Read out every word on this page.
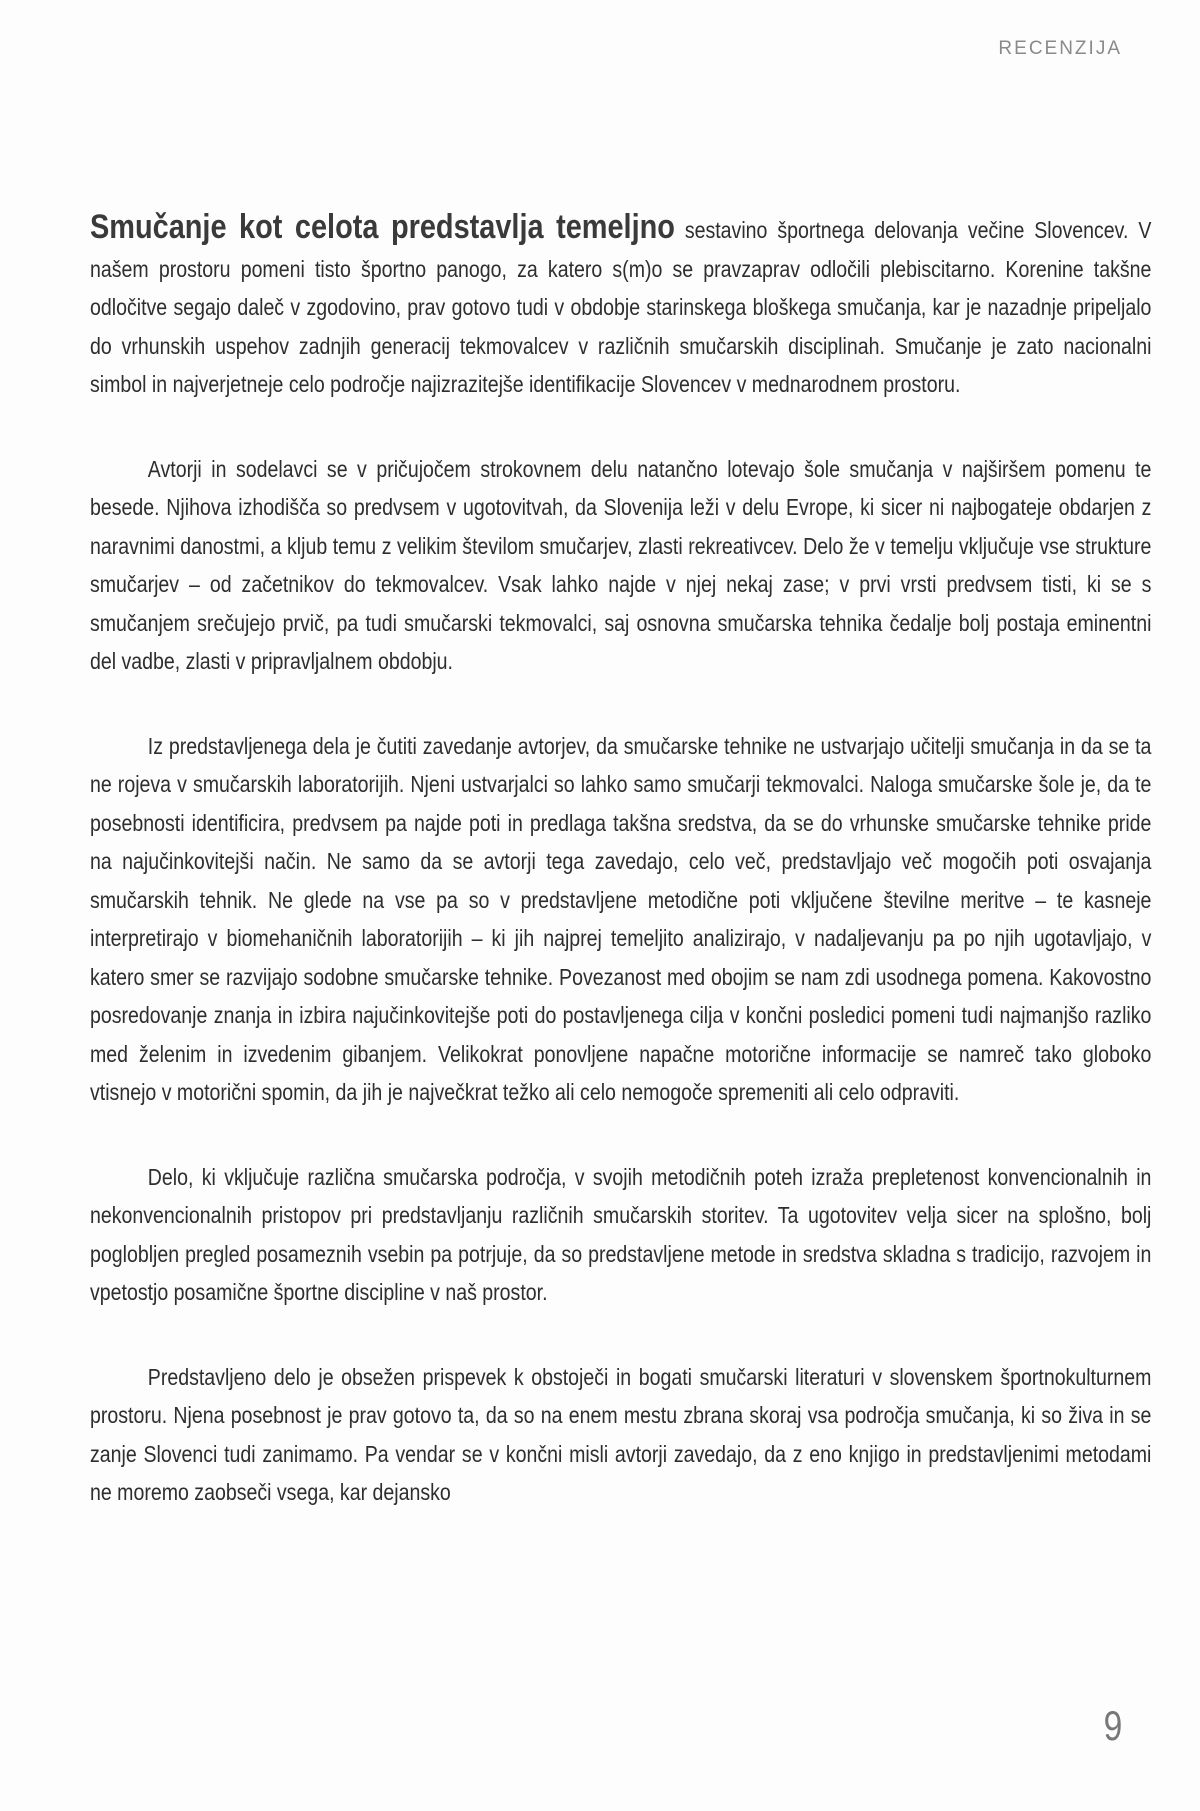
RECENZIJA

Smučanje kot celota predstavlja temeljno sestavino športnega delovanja večine Slovencev. V našem prostoru pomeni tisto športno panogo, za katero s(m)o se pravzaprav odločili plebiscitarno. Korenine takšne odločitve segajo daleč v zgodovino, prav gotovo tudi v obdobje starinskega bloškega smučanja, kar je nazadnje pripeljalo do vrhunskih uspehov zadnjih generacij tekmovalcev v različnih smučarskih disciplinah. Smučanje je zato nacionalni simbol in najverjetneje celo področje najizrazitejše identifikacije Slovencev v mednarodnem prostoru.

Avtorji in sodelavci se v pričujočem strokovnem delu natančno lotevajo šole smučanja v najširšem pomenu te besede. Njihova izhodišča so predvsem v ugotovitvah, da Slovenija leži v delu Evrope, ki sicer ni najbogateje obdarjen z naravnimi danostmi, a kljub temu z velikim številom smučarjev, zlasti rekreativcev. Delo že v temelju vključuje vse strukture smučarjev – od začetnikov do tekmovalcev. Vsak lahko najde v njej nekaj zase; v prvi vrsti predvsem tisti, ki se s smučanjem srečujejo prvič, pa tudi smučarski tekmovalci, saj osnovna smučarska tehnika čedalje bolj postaja eminentni del vadbe, zlasti v pripravljalnem obdobju.

Iz predstavljenega dela je čutiti zavedanje avtorjev, da smučarske tehnike ne ustvarjajo učitelji smučanja in da se ta ne rojeva v smučarskih laboratorijih. Njeni ustvarjalci so lahko samo smučarji tekmovalci. Naloga smučarske šole je, da te posebnosti identificira, predvsem pa najde poti in predlaga takšna sredstva, da se do vrhunske smučarske tehnike pride na najučinkovitejši način. Ne samo da se avtorji tega zavedajo, celo več, predstavljajo več mogočih poti osvajanja smučarskih tehnik. Ne glede na vse pa so v predstavljene metodične poti vključene številne meritve – te kasneje interpretirajo v biomehaničnih laboratorijih – ki jih najprej temeljito analizirajo, v nadaljevanju pa po njih ugotavljajo, v katero smer se razvijajo sodobne smučarske tehnike. Povezanost med obojim se nam zdi usodnega pomena. Kakovostno posredovanje znanja in izbira najučinkovitejše poti do postavljenega cilja v končni posledici pomeni tudi najmanjšo razliko med želenim in izvedenim gibanjem. Velikokrat ponovljene napačne motorične informacije se namreč tako globoko vtisnejo v motorični spomin, da jih je največkrat težko ali celo nemogoče spremeniti ali celo odpraviti.

Delo, ki vključuje različna smučarska področja, v svojih metodičnih poteh izraža prepletenost konvencionalnih in nekonvencionalnih pristopov pri predstavljanju različnih smučarskih storitev. Ta ugotovitev velja sicer na splošno, bolj poglobljen pregled posameznih vsebin pa potrjuje, da so predstavljene metode in sredstva skladna s tradicijo, razvojem in vpetostjo posamične športne discipline v naš prostor.

Predstavljeno delo je obsežen prispevek k obstoječi in bogati smučarski literaturi v slovenskem športnokulturnem prostoru. Njena posebnost je prav gotovo ta, da so na enem mestu zbrana skoraj vsa področja smučanja, ki so živa in se zanje Slovenci tudi zanimamo. Pa vendar se v končni misli avtorji zavedajo, da z eno knjigo in predstavljenimi metodami ne moremo zaobseči vsega, kar dejansko

9
